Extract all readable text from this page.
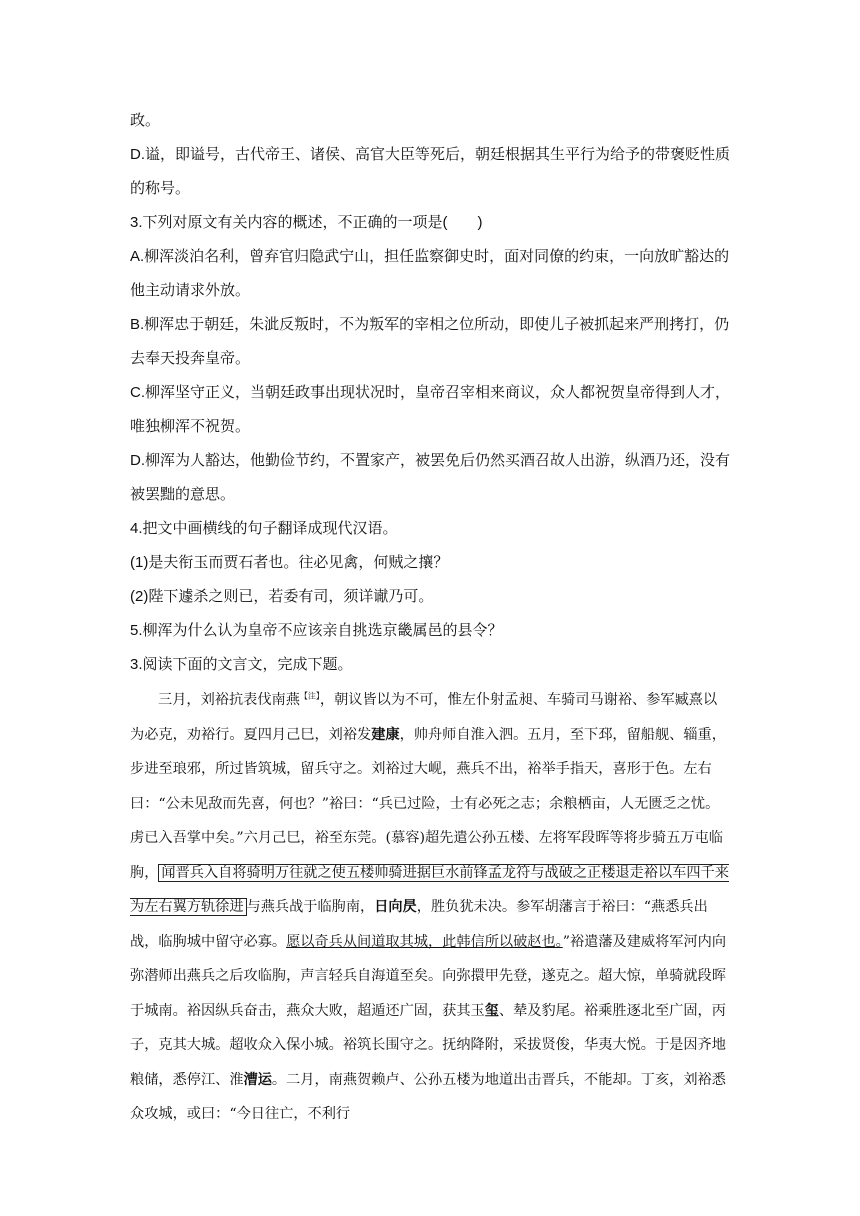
政。

D.谥，即谥号，古代帝王、诸侯、高官大臣等死后，朝廷根据其生平行为给予的带褒贬性质的称号。

3.下列对原文有关内容的概述，不正确的一项是(　　)

A.柳浑淡泊名利，曾弃官归隐武宁山，担任监察御史时，面对同僚的约束，一向放旷豁达的他主动请求外放。

B.柳浑忠于朝廷，朱泚反叛时，不为叛军的宰相之位所动，即使儿子被抓起来严刑拷打，仍去奉天投奔皇帝。

C.柳浑坚守正义，当朝廷政事出现状况时，皇帝召宰相来商议，众人都祝贺皇帝得到人才，唯独柳浑不祝贺。

D.柳浑为人豁达，他勤俭节约，不置家产，被罢免后仍然买酒召故人出游，纵酒乃还，没有被罢黜的意思。

4.把文中画横线的句子翻译成现代汉语。

(1)是夫衔玉而贾石者也。往必见禽，何贼之攘？

(2)陛下遽杀之则已，若委有司，须详谳乃可。

5.柳浑为什么认为皇帝不应该亲自挑选京畿属邑的县令？

3.阅读下面的文言文，完成下题。

三月，刘裕抗表伐南燕$^{【注】}$，朝议皆以为不可，惟左仆射孟昶、车骑司马谢裕、参军臧熹以为必克，劝裕行。夏四月己巳，刘裕发建康，帅舟师自淮入泗。五月，至下邳，留船舰、辎重，步进至琅邪，所过皆筑城，留兵守之。刘裕过大岘，燕兵不出，裕举手指天，喜形于色。左右曰：“公未见敌而先喜，何也？”裕曰：“兵已过险，士有必死之志；余粮栖亩，人无匮乏之忧。虏已入吾掌中矣。”六月己巳，裕至东莞。(慕容)超先遣公孙五楼、左将军段晖等将步骑五万屯临朐， 闻晋兵入自将骑明万往就之使五楼帅骑进据巨水前锋孟龙符与战破之正楼退走裕以车四千来为左右翼方轨徐进 与燕兵战于临朐南，日向昃，胜负犹未决。参军胡藩言于裕曰：“燕悉兵出战，临朐城中留守必寡。愿以奇兵从间道取其城，此韩信所以破赵也。”裕遣藩及建威将军河内向弥潜师出燕兵之后攻临朐，声言轻兵自海道至矣。向弥擐甲先登，遂克之。超大惊，单骑就段晖于城南。裕因纵兵奋击，燕众大败，超遁还广固，获其玉玺、辇及豹尾。裕乘胜逐北至广固，丙子，克其大城。超收众入保小城。裕筑长围守之。抚纳降附，采拔贤俊，华夷大悦。于是因齐地粮储，悉停江、淮漕运。二月，南燕贺赖卢、公孙五楼为地道出击晋兵，不能却。丁亥，刘裕悉众攻城，或曰：“今日往亡，不利行
